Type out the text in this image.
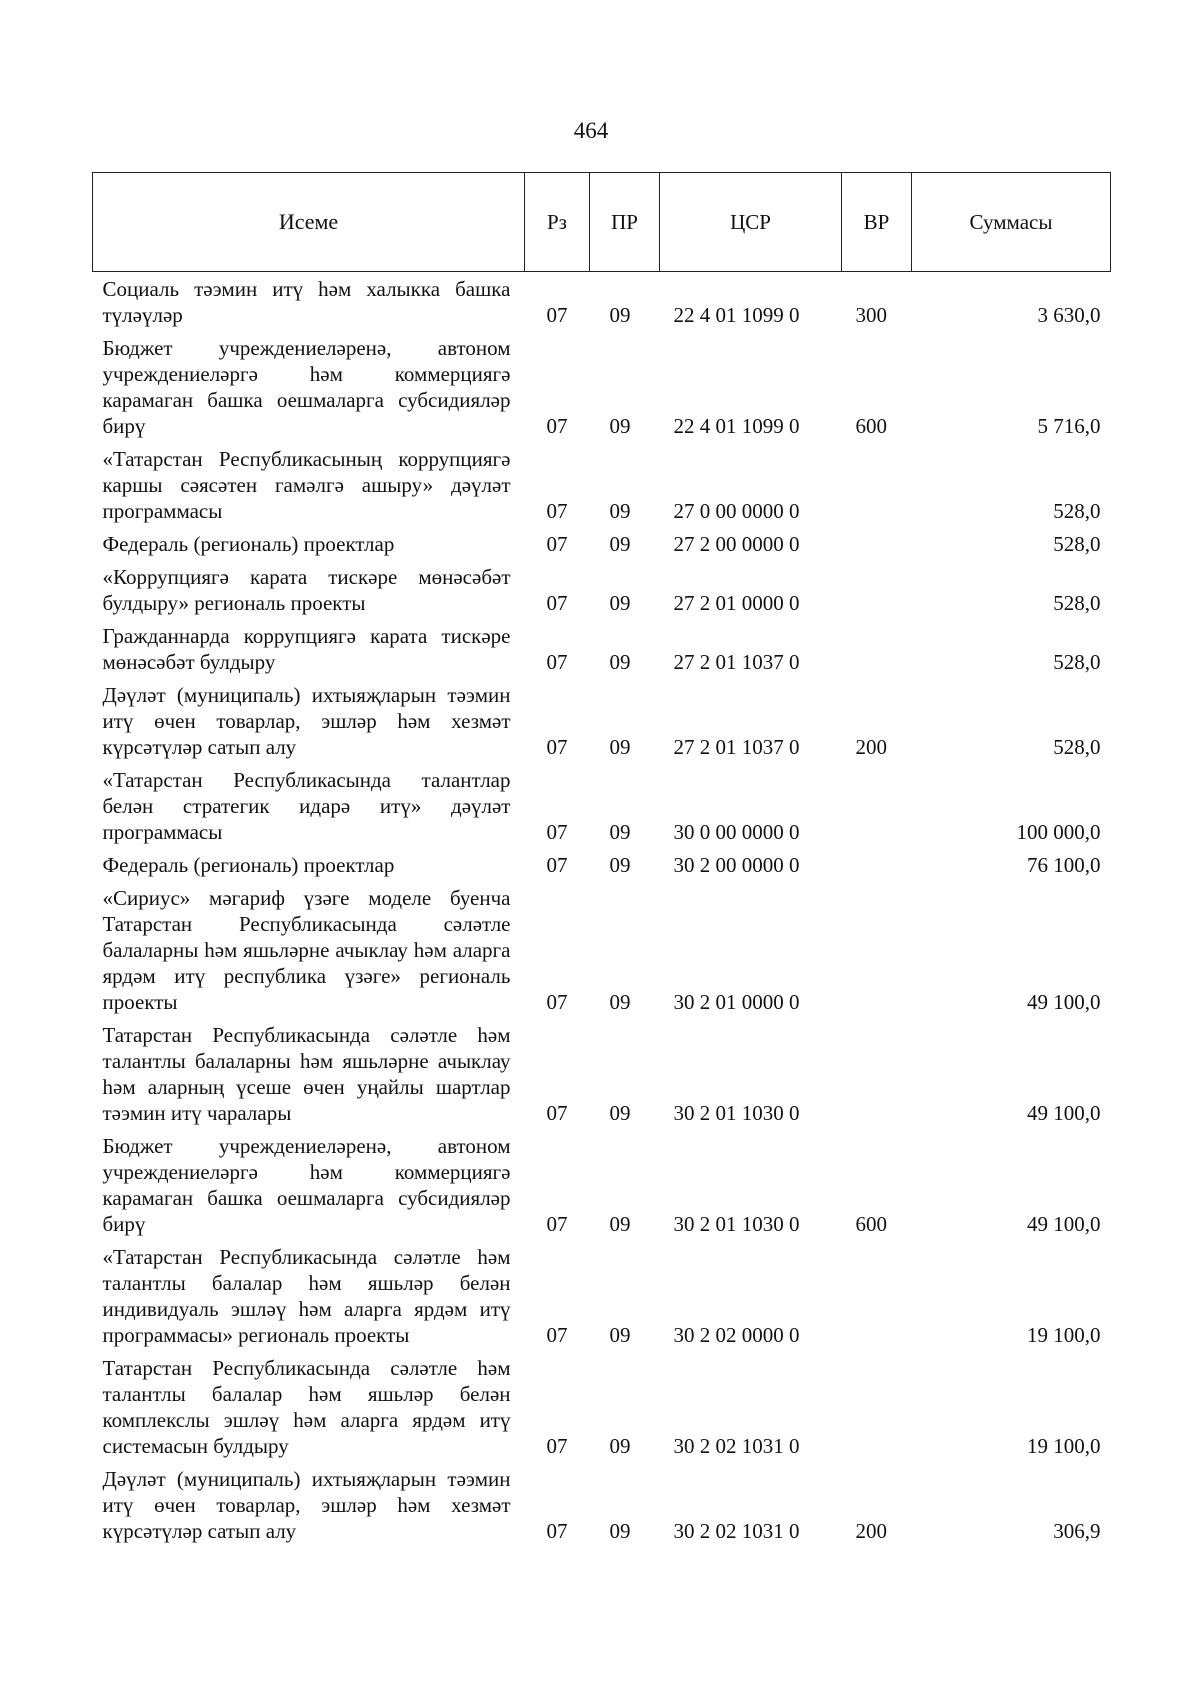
464
Исеме	Рз	ПР	ЦСР	ВР	Суммасы
Социаль тәэмин итү һәм халыкка башка түләүләр	07	09	22 4 01 1099 0	300	3 630,0
Бюджет учреждениеләренә, автоном учреждениеләргә һәм коммерциягә карамаган башка оешмаларга субсидияләр бирү	07	09	22 4 01 1099 0	600	5 716,0
«Татарстан Республикасының коррупциягә каршы сәясәтен гамәлгә ашыру» дәүләт программасы	07	09	27 0 00 0000 0		528,0
Федераль (региональ) проектлар	07	09	27 2 00 0000 0		528,0
«Коррупциягә карата тискәре мөнәсәбәт булдыру» региональ проекты	07	09	27 2 01 0000 0		528,0
Гражданнарда коррупциягә карата тискәре мөнәсәбәт булдыру	07	09	27 2 01 1037 0		528,0
Дәүләт (муниципаль) ихтыяҗларын тәэмин итү өчен товарлар, эшләр һәм хезмәт күрсәтүләр сатып алу	07	09	27 2 01 1037 0	200	528,0
«Татарстан Республикасында талантлар белән стратегик идарә итү» дәүләт программасы	07	09	30 0 00 0000 0		100 000,0
Федераль (региональ) проектлар	07	09	30 2 00 0000 0		76 100,0
«Сириус» мәгариф үзәге моделе буенча Татарстан Республикасында сәләтле балаларны һәм яшьләрне ачыклау һәм аларга ярдәм итү республика үзәге» региональ проекты	07	09	30 2 01 0000 0		49 100,0
Татарстан Республикасында сәләтле һәм талантлы балаларны һәм яшьләрне ачыклау һәм аларның үсеше өчен уңайлы шартлар тәэмин итү чаралары	07	09	30 2 01 1030 0		49 100,0
Бюджет учреждениеләренә, автоном учреждениеләргә һәм коммерциягә карамаган башка оешмаларга субсидияләр бирү	07	09	30 2 01 1030 0	600	49 100,0
«Татарстан Республикасында сәләтле һәм талантлы балалар һәм яшьләр белән индивидуаль эшләү һәм аларга ярдәм итү программасы» региональ проекты	07	09	30 2 02 0000 0		19 100,0
Татарстан Республикасында сәләтле һәм талантлы балалар һәм яшьләр белән комплекслы эшләү һәм аларга ярдәм итү системасын булдыру	07	09	30 2 02 1031 0		19 100,0
Дәүләт (муниципаль) ихтыяҗларын тәэмин итү өчен товарлар, эшләр һәм хезмәт күрсәтүләр сатып алу	07	09	30 2 02 1031 0	200	306,9
